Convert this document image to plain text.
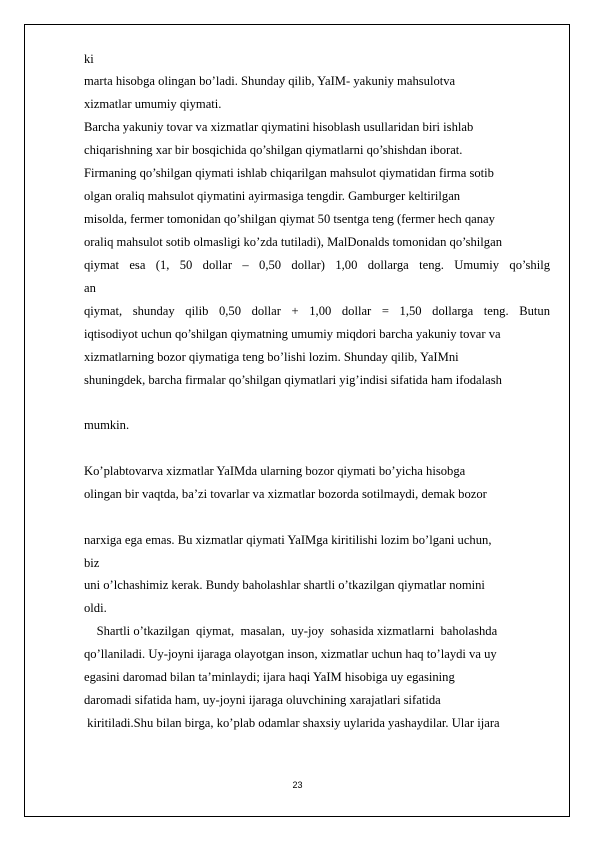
ki
marta hisobga olingan bo’ladi. Shunday qilib, YaIM- yakuniy mahsulotva
xizmatlar umumiy qiymati.
Barcha yakuniy tovar va xizmatlar qiymatini hisoblash usullaridan biri ishlab
chiqarishning xar bir bosqichida qo’shilgan qiymatlarni qo’shishdan iborat.
Firmaning qo’shilgan qiymati ishlab chiqarilgan mahsulot qiymatidan firma sotib
olgan oraliq mahsulot qiymatini ayirmasiga tengdir. Gamburger keltirilgan
misolda, fermer tomonidan qo’shilgan qiymat 50 tsentga teng (fermer hech qanay
oraliq mahsulot sotib olmasligi ko’zda tutiladi), MalDonalds tomonidan qo’shilgan
qiymat esa (1, 50 dollar – 0,50 dollar) 1,00 dollarga teng. Umumiy qo’shilg
an
qiymat, shunday qilib 0,50 dollar + 1,00 dollar = 1,50 dollarga teng. Butun
iqtisodiyot uchun qo’shilgan qiymatning umumiy miqdori barcha yakuniy tovar va
xizmatlarning bozor qiymatiga teng bo’lishi lozim. Shunday qilib, YaIMni
shuningdek, barcha firmalar qo’shilgan qiymatlari yig’indisi sifatida ham ifodalash
mumkin.
Ko’plabtovarva xizmatlar YaIMda ularning bozor qiymati bo’yicha hisobga
olingan bir vaqtda, ba’zi tovarlar va xizmatlar bozorda sotilmaydi, demak bozor
narxiga ega emas. Bu xizmatlar qiymati YaIMga kiritilishi lozim bo’lgani uchun,
biz
uni o’lchashimiz kerak. Bundy baholashlar shartli o’tkazilgan qiymatlar nomini
oldi.
Shartli o’tkazilgan  qiymat,  masalan,  uy-joy  sohasida xizmatlarni  baholashda
qo’llaniladi. Uy-joyni ijaraga olayotgan inson, xizmatlar uchun haq to’laydi va uy
egasini daromad bilan ta’minlaydi; ijara haqi YaIM hisobiga uy egasining
daromadi sifatida ham, uy-joyni ijaraga oluvchining xarajatlari sifatida
kiritiladi.Shu bilan birga, ko’plab odamlar shaxsiy uylarida yashaydilar. Ular ijara
23
